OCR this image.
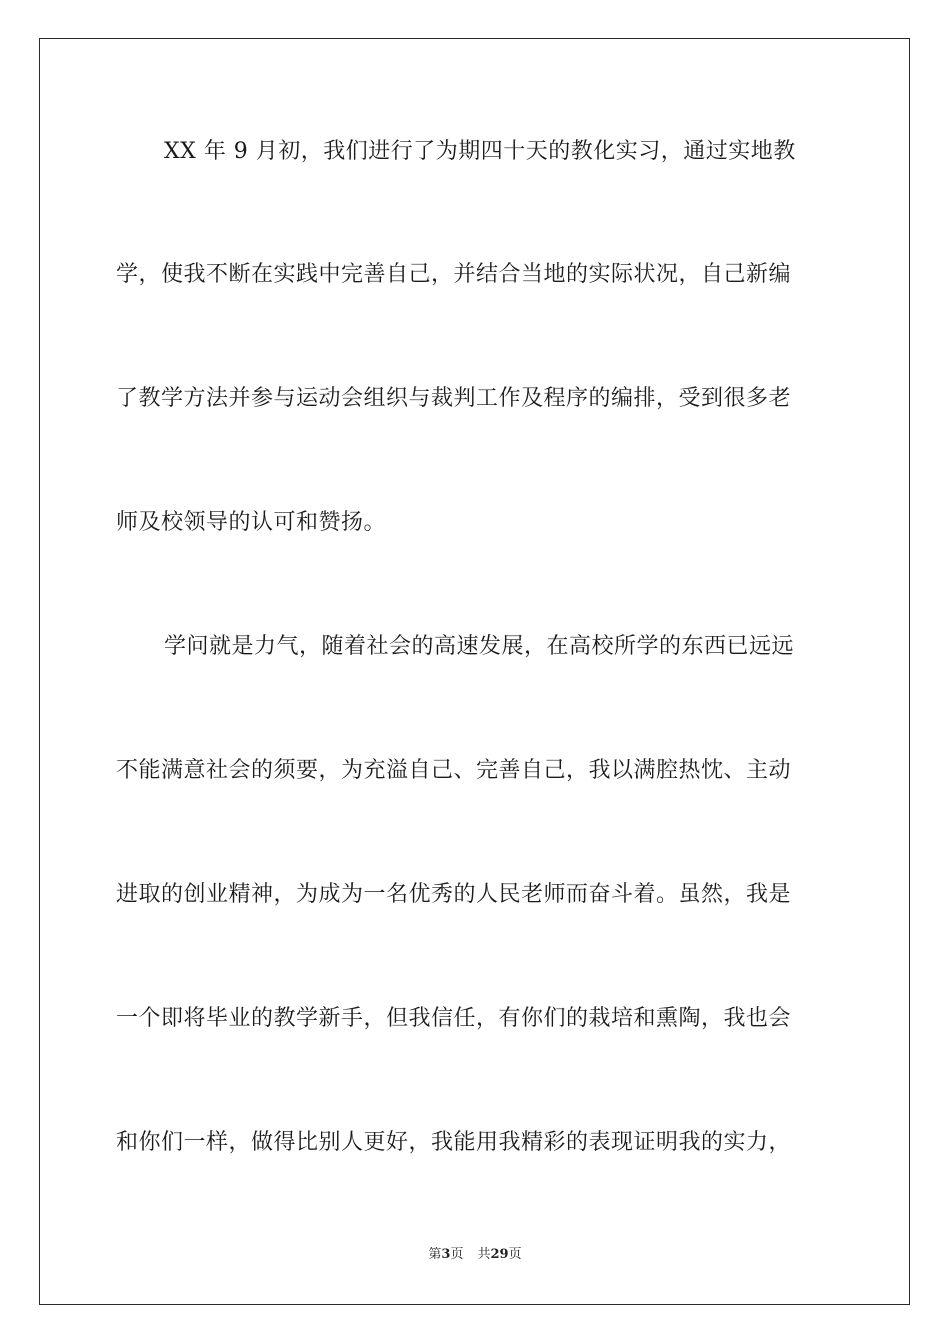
XX 年 9 月初，我们进行了为期四十天的教化实习，通过实地教
学，使我不断在实践中完善自己，并结合当地的实际状况，自己新编
了教学方法并参与运动会组织与裁判工作及程序的编排，受到很多老
师及校领导的认可和赞扬。
学问就是力气，随着社会的高速发展，在高校所学的东西已远远
不能满意社会的须要，为充溢自己、完善自己，我以满腔热忱、主动
进取的创业精神，为成为一名优秀的人民老师而奋斗着。虽然，我是
一个即将毕业的教学新手，但我信任，有你们的栽培和熏陶，我也会
和你们一样，做得比别人更好，我能用我精彩的表现证明我的实力，
第3页 共29页
